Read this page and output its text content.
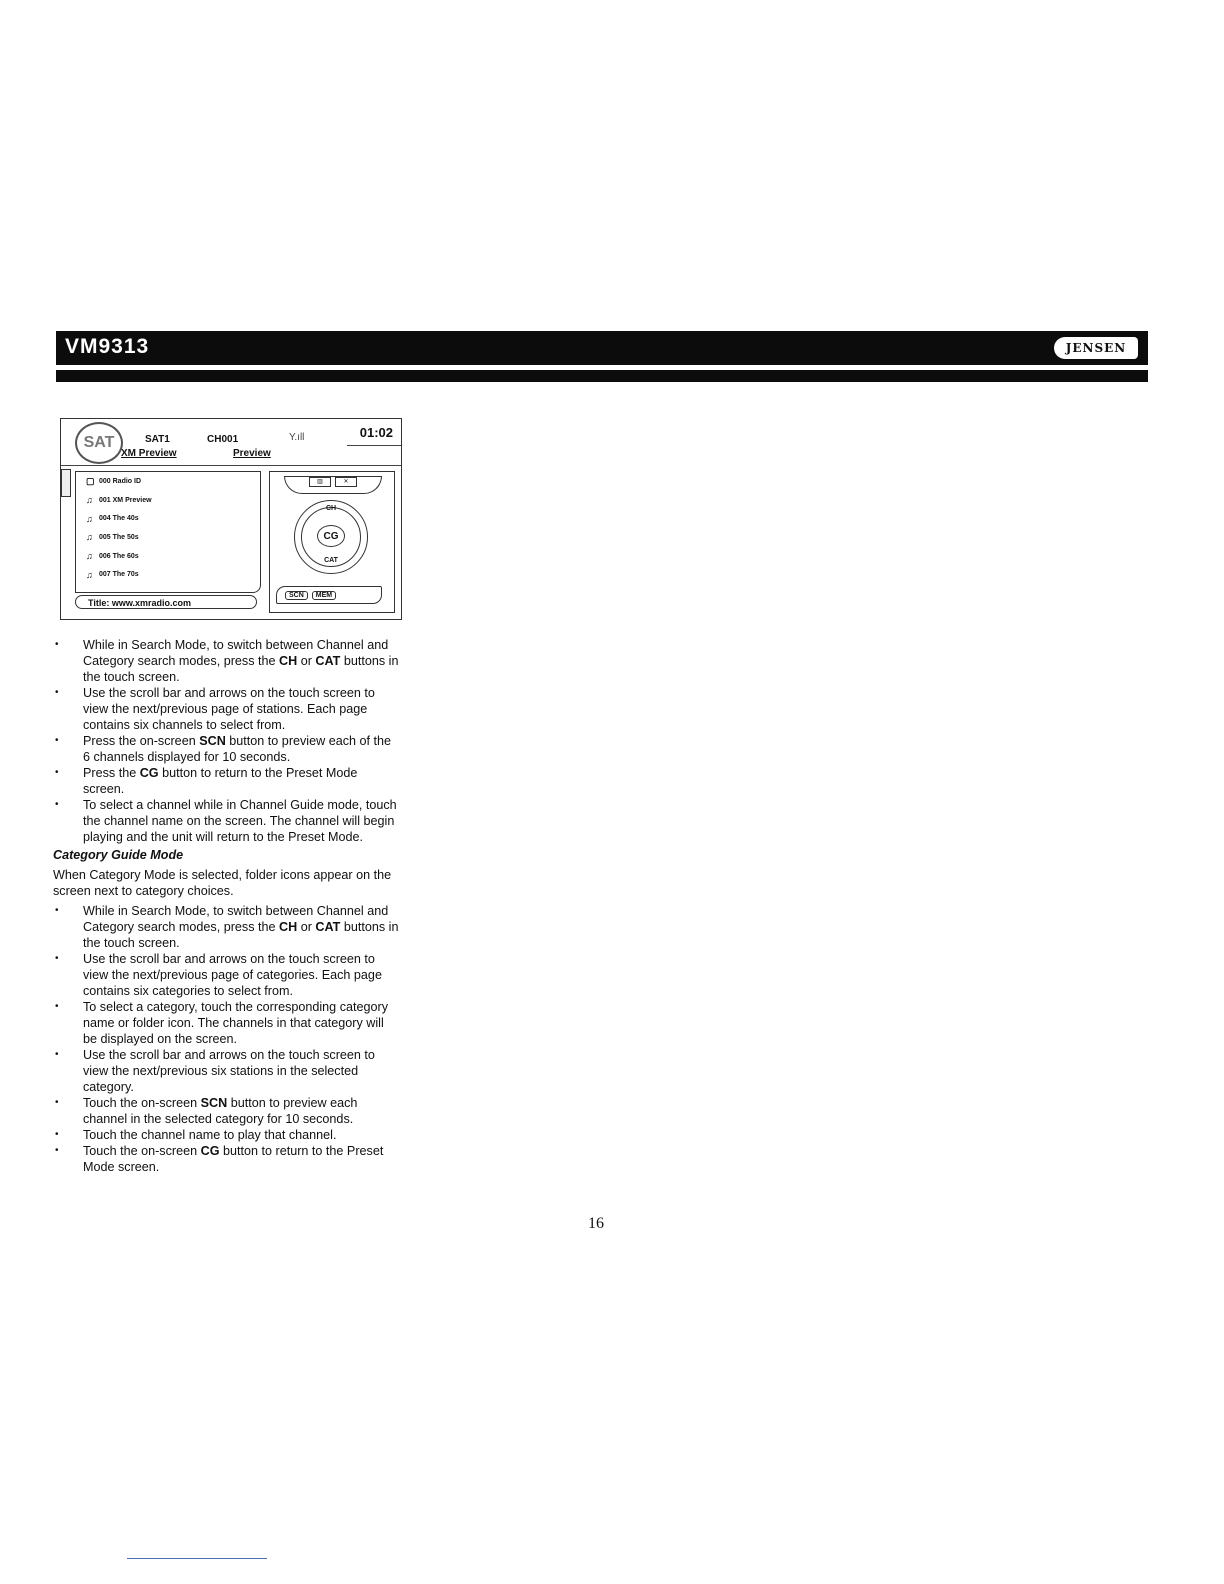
VM9313	JENSEN
SAT	SAT1	CH001	Y.ıll	01:02
XM Preview	Preview
▢ 000 Radio ID
♫ 001 XM Preview
♫ 004 The 40s
♫ 005 The 50s
♫ 006 The 60s
♫ 007 The 70s
Title: www.xmradio.com
▥	✕
CH
CG
CAT
SCN	MEM
• While in Search Mode, to switch between Channel and Category search modes, press the CH or CAT buttons in the touch screen.
• Use the scroll bar and arrows on the touch screen to view the next/previous page of stations. Each page contains six channels to select from.
• Press the on-screen SCN button to preview each of the 6 channels displayed for 10 seconds.
• Press the CG button to return to the Preset Mode screen.
• To select a channel while in Channel Guide mode, touch the channel name on the screen. The channel will begin playing and the unit will return to the Preset Mode.
Category Guide Mode

When Category Mode is selected, folder icons appear on the screen next to category choices.

• While in Search Mode, to switch between Channel and Category search modes, press the CH or CAT buttons in the touch screen.
• Use the scroll bar and arrows on the touch screen to view the next/previous page of categories. Each page contains six categories to select from.
• To select a category, touch the corresponding category name or folder icon. The channels in that category will be displayed on the screen.
• Use the scroll bar and arrows on the touch screen to view the next/previous six stations in the selected category.
• Touch the on-screen SCN button to preview each channel in the selected category for 10 seconds.
• Touch the channel name to play that channel.
• Touch the on-screen CG button to return to the Preset Mode screen.
16
